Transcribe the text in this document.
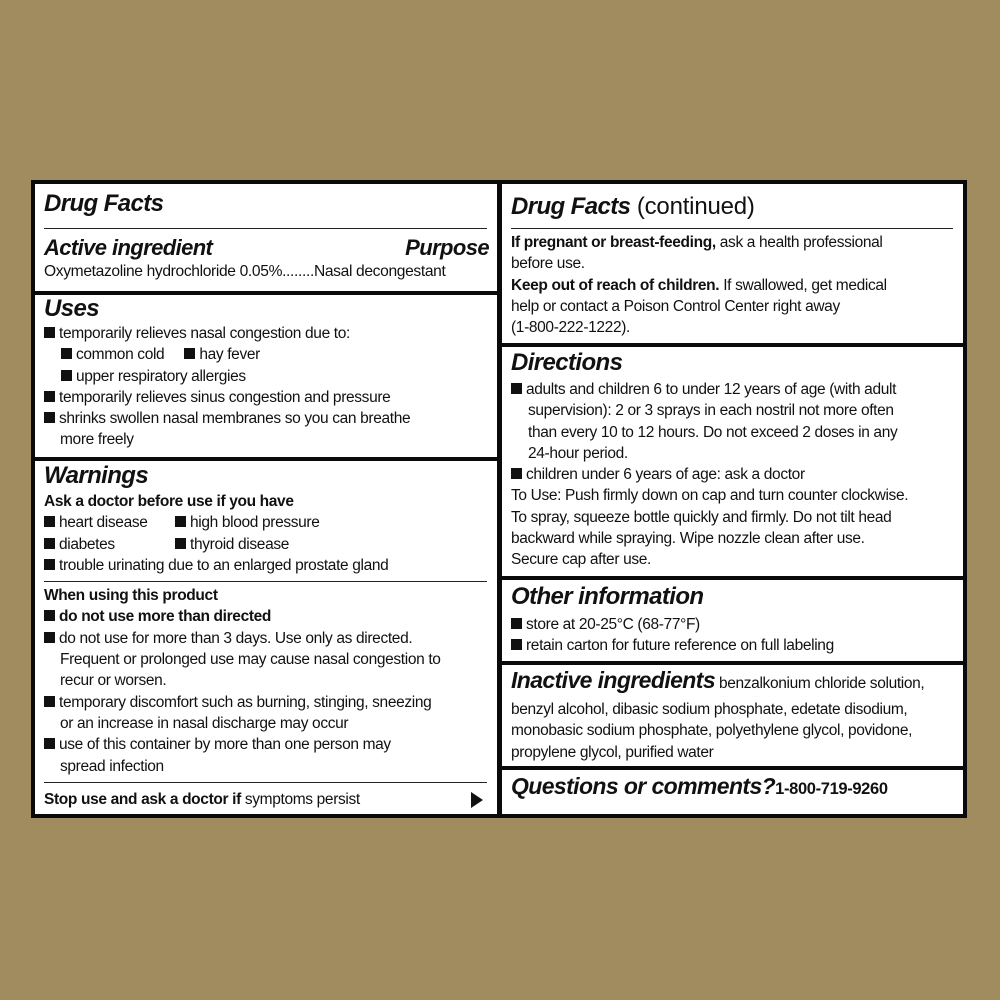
Drug Facts
Active ingredient	Purpose
Oxymetazoline hydrochloride 0.05%........Nasal decongestant
Uses
temporarily relieves nasal congestion due to:
common cold hay fever
upper respiratory allergies
temporarily relieves sinus congestion and pressure
shrinks swollen nasal membranes so you can breathe
more freely
Warnings
Ask a doctor before use if you have
heart disease	high blood pressure
diabetes	thyroid disease
trouble urinating due to an enlarged prostate gland
When using this product
do not use more than directed
do not use for more than 3 days. Use only as directed.
Frequent or prolonged use may cause nasal congestion to
recur or worsen.
temporary discomfort such as burning, stinging, sneezing
or an increase in nasal discharge may occur
use of this container by more than one person may
spread infection
Stop use and ask a doctor if symptoms persist
Drug Facts (continued)
If pregnant or breast-feeding, ask a health professional
before use.
Keep out of reach of children. If swallowed, get medical
help or contact a Poison Control Center right away
(1-800-222-1222).
Directions
adults and children 6 to under 12 years of age (with adult
supervision): 2 or 3 sprays in each nostril not more often
than every 10 to 12 hours. Do not exceed 2 doses in any
24-hour period.
children under 6 years of age: ask a doctor
To Use: Push firmly down on cap and turn counter clockwise.
To spray, squeeze bottle quickly and firmly. Do not tilt head
backward while spraying. Wipe nozzle clean after use.
Secure cap after use.
Other information
store at 20-25°C (68-77°F)
retain carton for future reference on full labeling
Inactive ingredients benzalkonium chloride solution,
benzyl alcohol, dibasic sodium phosphate, edetate disodium,
monobasic sodium phosphate, polyethylene glycol, povidone,
propylene glycol, purified water
Questions or comments?1-800-719-9260
